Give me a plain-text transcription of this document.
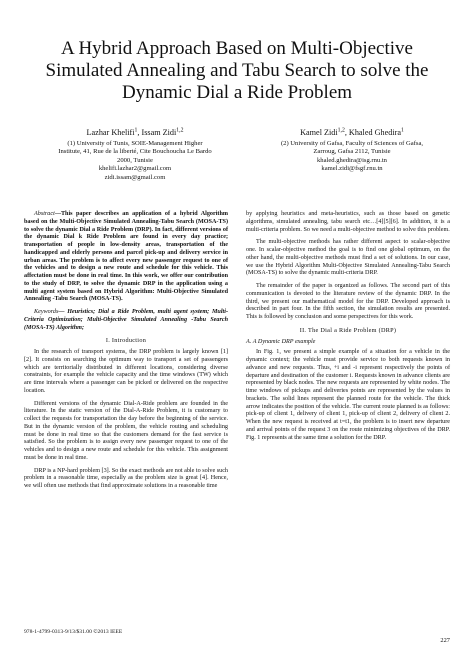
A Hybrid Approach Based on Multi-Objective
Simulated Annealing and Tabu Search to solve the
Dynamic Dial a Ride Problem
Lazhar Khelifi$^1$, Issam Zidi$^{1,2}$
(1) University of Tunis, SOIE-Management Higher
Institute, 41, Rue de la liberté, Cite Bouchoucha Le Bardo
2000, Tunisie
khelifi.lazhar2@gmail.com
zidi.issam@gmail.com
Kamel Zidi$^{1,2}$, Khaled Ghedira$^1$
(2) University of Gafsa, Faculty of Sciences of Gafsa,
Zarroug, Gafsa 2112, Tunisie
khaled.ghedira@isg.rnu.tn
kamel.zidi@fsgf.rnu.tn

Abstract—This paper describes an application of a hybrid Algorithm based on the Multi-Objective Simulated Annealing-Tabu Search (MOSA-TS) to solve the dynamic Dial a Ride Problem (DRP). In fact, different versions of the dynamic Dial k Ride Problem are found in every day practice; transportation of people in low-density areas, transportation of the handicapped and elderly persons and parcel pick-up and delivery service in urban areas. The problem is to affect every new passenger request to one of the vehicles and to design a new route and schedule for this vehicle. This affectation must be done in real time. In this work, we offer our contribution to the study of DRP, to solve the dynamic DRP in the application using a multi agent system based on Hybrid Algorithm: Multi-Objective Simulated Annealing -Tabu Search (MOSA-TS).

Keywords— Heuristics; Dial a Ride Problem, multi agent system; Multi-Criteria Optimization; Multi-Objective Simulated Annealing -Tabu Search (MOSA-TS) Algorithm;

I. Introduction

In the research of transport systems, the DRP problem is largely known [1] [2]. It consists on searching the optimum way to transport a set of passengers which are territorially distributed in different locations, considering diverse constraints, for example the vehicle capacity and the time windows (TW) which are time intervals where a passenger can be picked or delivered on the respective location.

Different versions of the dynamic Dial-A-Ride problem are founded in the literature. In the static version of the Dial-A-Ride Problem, it is customary to collect the requests for transportation the day before the beginning of the service. But in the dynamic version of the problem, the vehicle routing and scheduling must be done in real time so that the customers demand for the fast service is satisfied. So the problem is to assign every new passenger request to one of the vehicles and to design a new route and schedule for this vehicle. This assignment must be done in real time.

DRP is a NP-hard problem [3]. So the exact methods are not able to solve such problem in a reasonable time, especially as the problem size is great [4]. Hence, we will often use methods that find approximate solutions in a reasonable time

by applying heuristics and meta-heuristics, such as those based on genetic algorithms, simulated annealing, tabu search etc…[4][5][6]. In addition, it is a multi-criteria problem. So we need a multi-objective method to solve this problem.

The multi-objective methods has rather different aspect to scalar-objective one. In scalar-objective method the goal is to find one global optimum, on the other hand, the multi-objective methods must find a set of solutions. In our case, we use the Hybrid Algorithm Multi-Objective Simulated Annealing-Tabu Search (MOSA-TS) to solve the dynamic multi-criteria DRP.

The remainder of the paper is organized as follows. The second part of this communication is devoted to the literature review of the dynamic DRP. In the third, we present our mathematical model for the DRP. Developed approach is described in part four. In the fifth section, the simulation results are presented. This is followed by conclusion and some perspectives for this work.

II. The Dial a Ride Problem (DRP)
A. A Dynamic DRP example

In Fig. 1, we present a simple example of a situation for a vehicle in the dynamic context; the vehicle must provide service to both requests known in advance and new requests. Thus, +i and -i represent respectively the points of departure and destination of the customer i. Requests known in advance clients are represented by black nodes. The new requests are represented by white nodes. The time windows of pickups and deliveries points are represented by the values in brackets. The solid lines represent the planned route for the vehicle. The thick arrow indicates the position of the vehicle. The current route planned is as follows: pick-up of client 1, delivery of client 1, pick-up of client 2, delivery of client 2. When the new request is received at t=t1, the problem is to insert new departure and arrival points of the request 3 on the route minimizing objectives of the DRP. Fig. 1 represents at the same time a solution for the DRP.

978-1-4799-0313-9/13/$31.00 ©2013 IEEE
227
